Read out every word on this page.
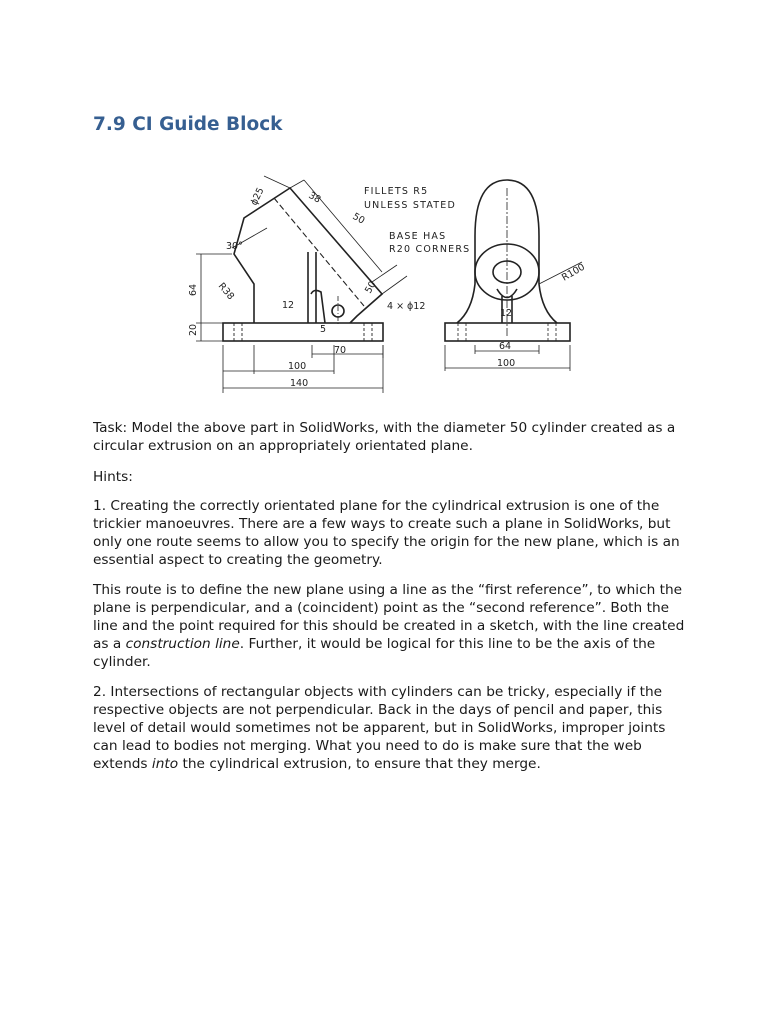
7.9 CI Guide Block
FILLETS R5
UNLESS STATED
BASE HAS
R20 CORNERS
ϕ25	38
50
50
30°
64 R38
12
20	5
70
100
140
4 × ϕ12
R100
12
64
100

Task: Model the above part in SolidWorks, with the diameter 50 cylinder created as a circular extrusion on an appropriately orientated plane.

Hints:

1. Creating the correctly orientated plane for the cylindrical extrusion is one of the trickier manoeuvres. There are a few ways to create such a plane in SolidWorks, but only one route seems to allow you to specify the origin for the new plane, which is an essential aspect to creating the geometry.

This route is to define the new plane using a line as the “first reference”, to which the plane is perpendicular, and a (coincident) point as the “second reference”. Both the line and the point required for this should be created in a sketch, with the line created as a construction line. Further, it would be logical for this line to be the axis of the cylinder.

2. Intersections of rectangular objects with cylinders can be tricky, especially if the respective objects are not perpendicular. Back in the days of pencil and paper, this level of detail would sometimes not be apparent, but in SolidWorks, improper joints can lead to bodies not merging. What you need to do is make sure that the web extends into the cylindrical extrusion, to ensure that they merge.
